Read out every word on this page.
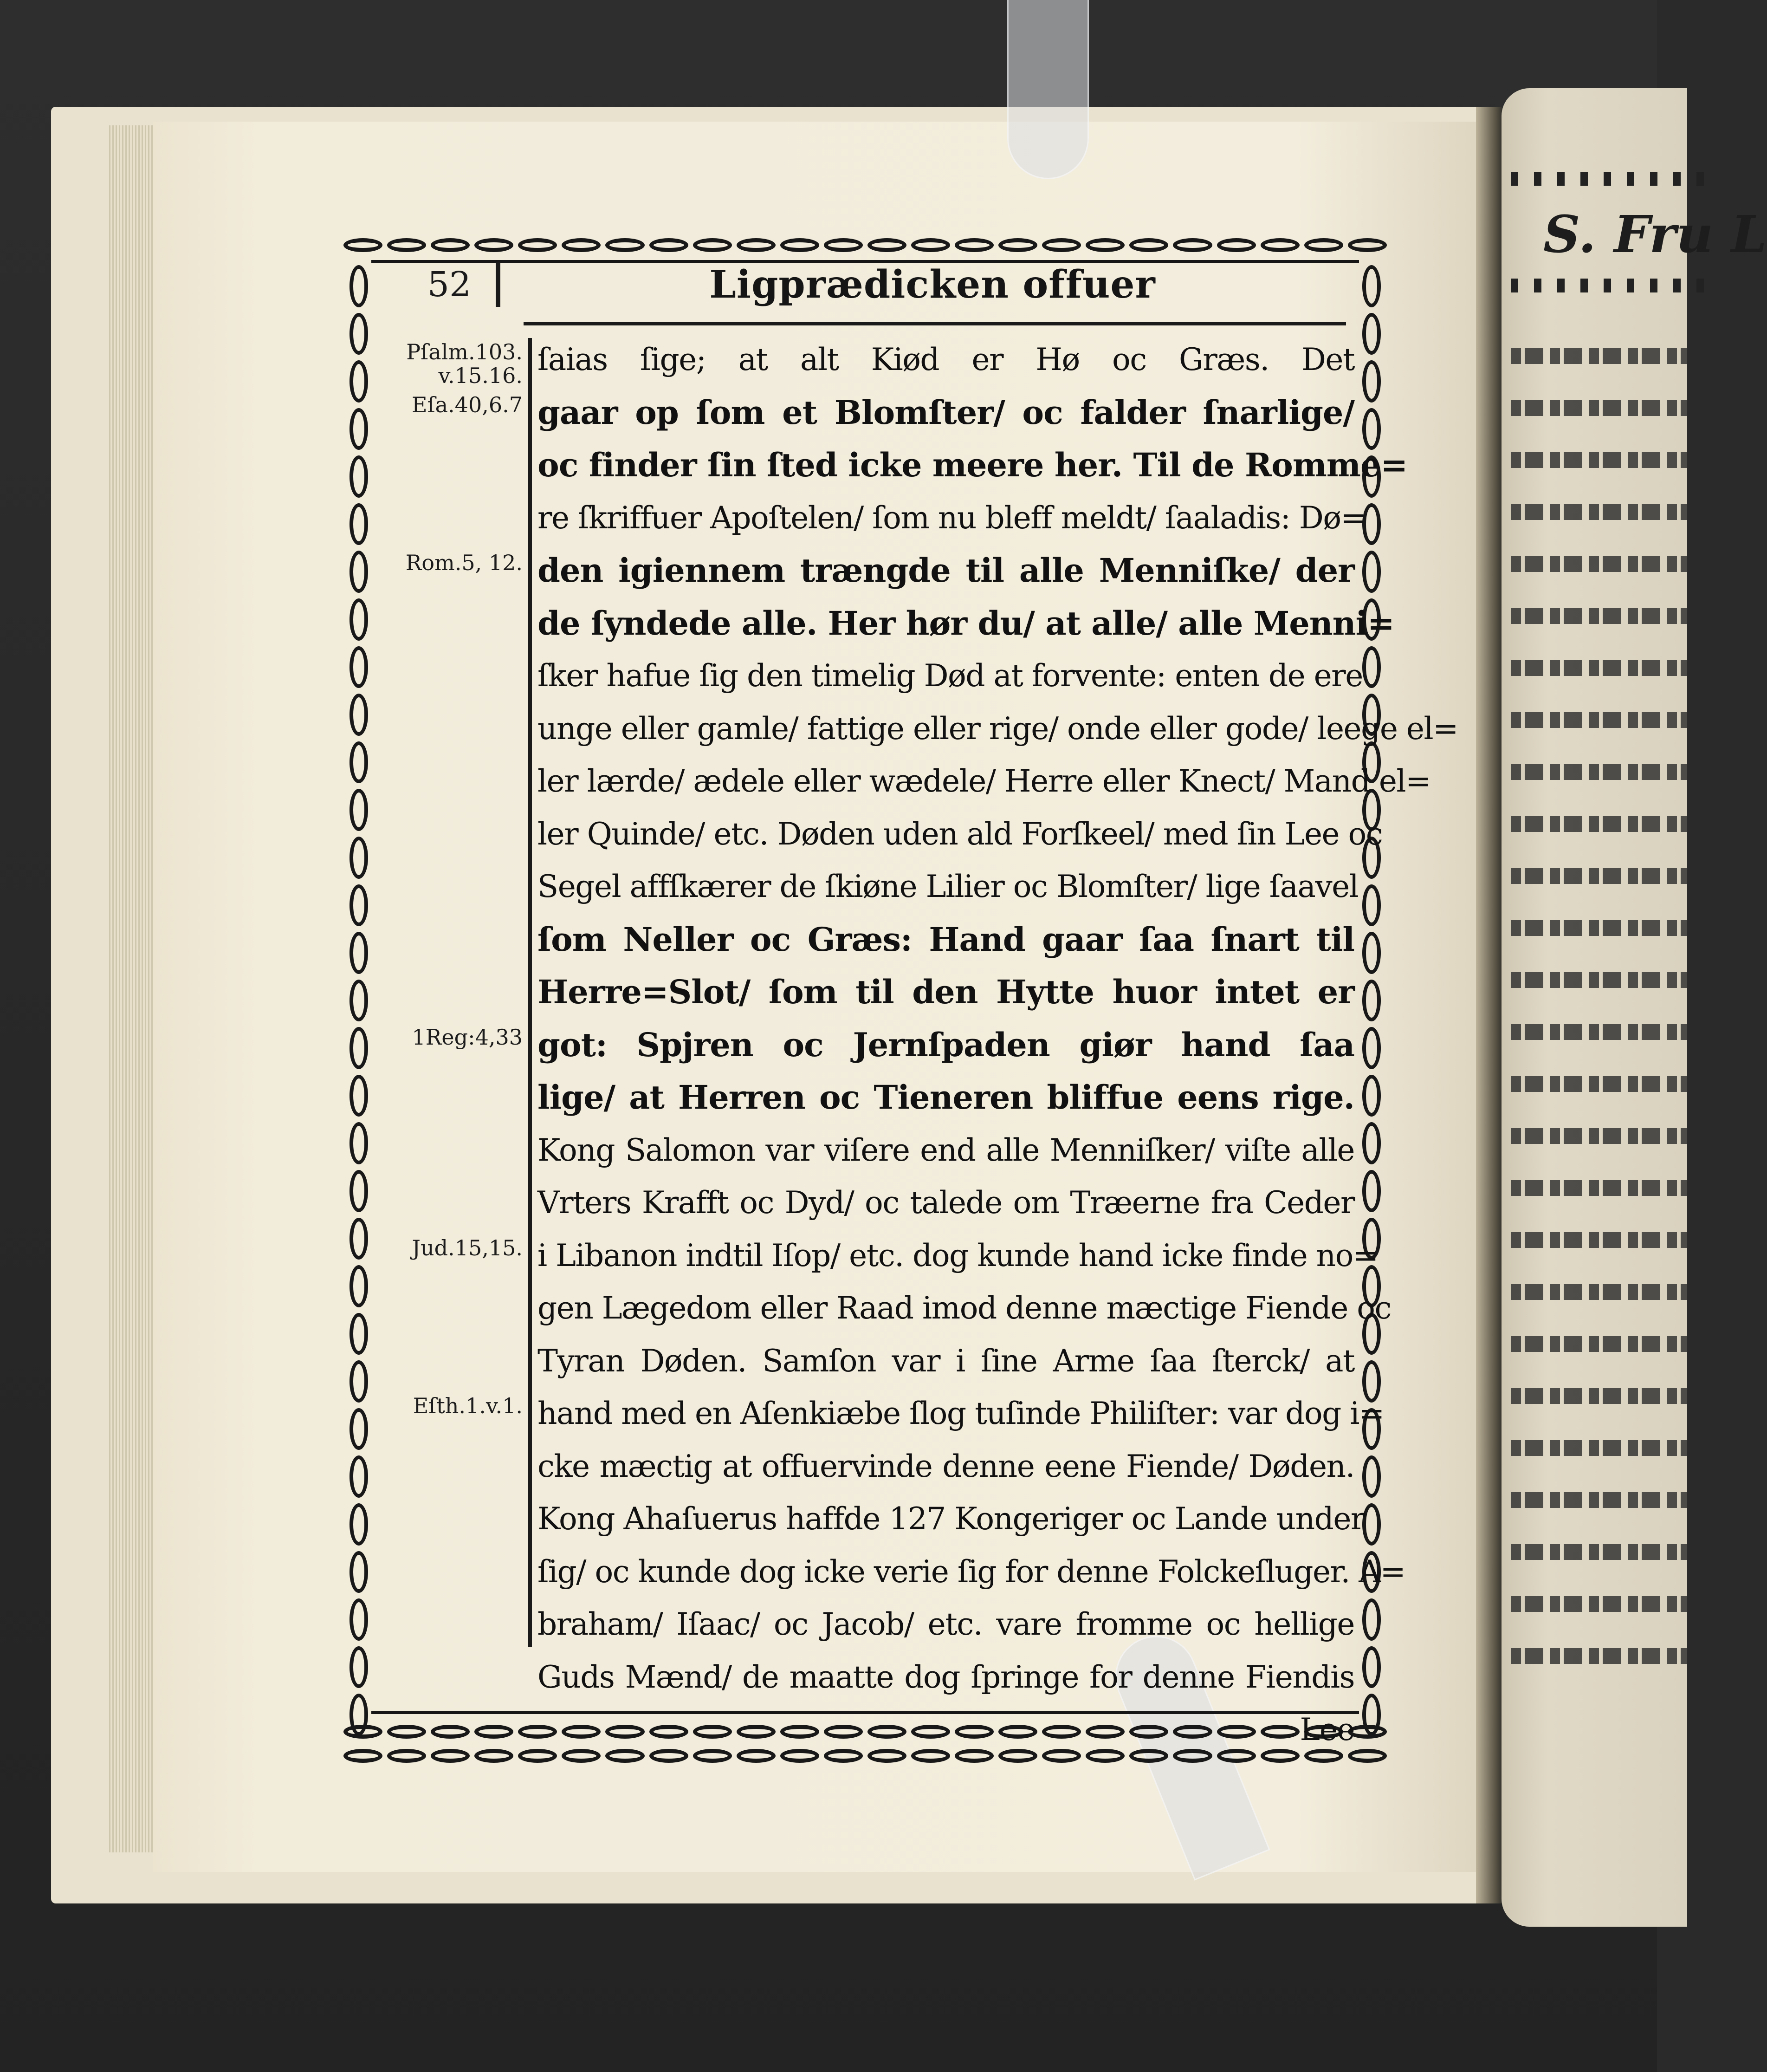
S. Fru L
52	Ligprædicken offuer
Pſalm.103.
v.15.16.
Eſa.40,6.7
Rom.5, 12.
1Reg:4,33
Jud.15,15.
Eſth.1.v.1.
ſaias ſige; at alt Kiød er Hø oc Græs. Det
gaar op ſom et Blomſter/ oc falder ſnarlige/
oc finder ſin ſted icke meere her. Til de Romme=
re ſkriffuer Apoſtelen/ ſom nu bleff meldt/ ſaaladis: Dø=
den igiennem trængde til alle Menniſke/ der
de ſyndede alle. Her hør du/ at alle/ alle Menni=
ſker hafue ſig den timelig Død at forvente: enten de ere
unge eller gamle/ fattige eller rige/ onde eller gode/ leege el=
ler lærde/ ædele eller wædele/ Herre eller Knect/ Mand el=
ler Quinde/ etc. Døden uden ald Forſkeel/ med ſin Lee oc
Segel affſkærer de ſkiøne Lilier oc Blomſter/ lige ſaavel
ſom Neller oc Græs: Hand gaar ſaa ſnart til
Herre=Slot/ ſom til den Hytte huor intet er
got: Spjren oc Jernſpaden giør hand ſaa
lige/ at Herren oc Tieneren bliffue eens rige.
Kong Salomon var viſere end alle Menniſker/ viſte alle
Vrters Krafft oc Dyd/ oc talede om Træerne fra Ceder
i Libanon indtil Iſop/ etc. dog kunde hand icke finde no=
gen Lægedom eller Raad imod denne mæctige Fiende oc
Tyran Døden. Samſon var i ſine Arme ſaa ſterck/ at
hand med en Aſenkiæbe ſlog tuſinde Philiſter: var dog i=
cke mæctig at offuervinde denne eene Fiende/ Døden.
Kong Ahaſuerus haffde 127 Kongeriger oc Lande under
ſig/ oc kunde dog icke verie ſig for denne Folckeſluger. A=
braham/ Iſaac/ oc Jacob/ etc. vare fromme oc hellige
Guds Mænd/ de maatte dog ſpringe for denne Fiendis
Lee
